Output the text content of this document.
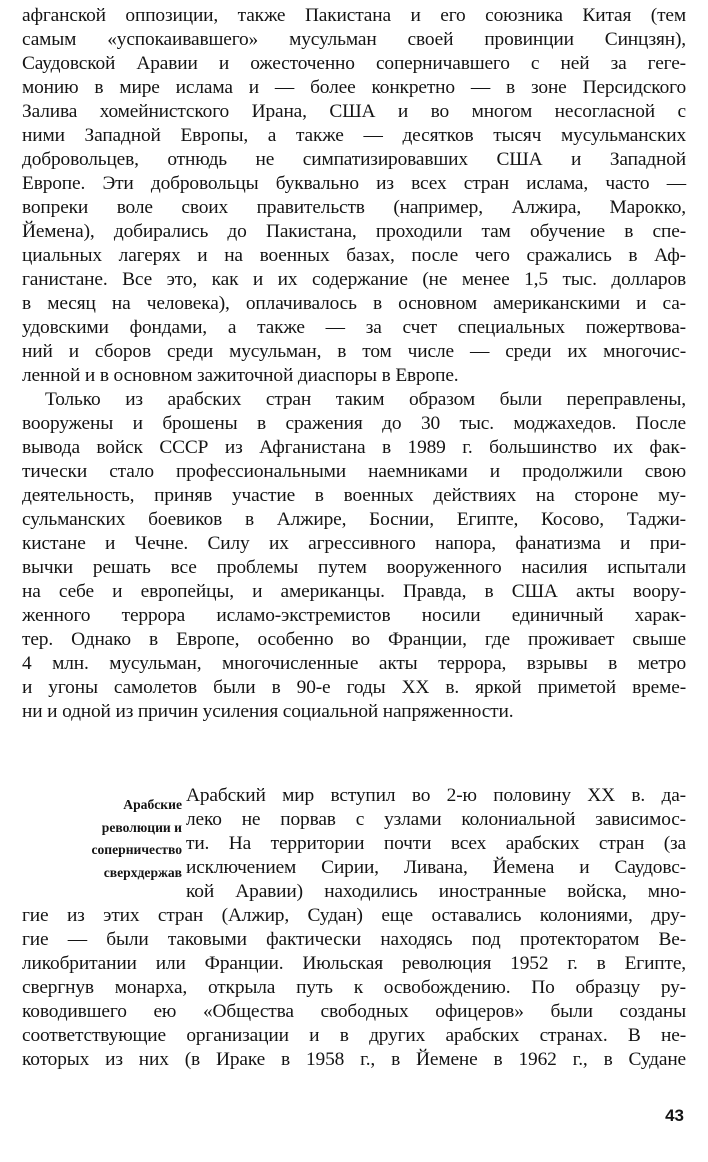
афганской оппозиции, также Пакистана и его союзника Китая (тем
самым «успокаивавшего» мусульман своей провинции Синцзян),
Саудовской Аравии и ожесточенно соперничавшего с ней за геге-
монию в мире ислама и — более конкретно — в зоне Персидского
Залива хомейнистского Ирана, США и во многом несогласной с
ними Западной Европы, а также — десятков тысяч мусульманских
добровольцев, отнюдь не симпатизировавших США и Западной
Европе. Эти добровольцы буквально из всех стран ислама, часто —
вопреки воле своих правительств (например, Алжира, Марокко,
Йемена), добирались до Пакистана, проходили там обучение в спе-
циальных лагерях и на военных базах, после чего сражались в Аф-
ганистане. Все это, как и их содержание (не менее 1,5 тыс. долларов
в месяц на человека), оплачивалось в основном американскими и са-
удовскими фондами, а также — за счет специальных пожертвова-
ний и сборов среди мусульман, в том числе — среди их многочис-
ленной и в основном зажиточной диаспоры в Европе.
Только из арабских стран таким образом были переправлены,
вооружены и брошены в сражения до 30 тыс. моджахедов. После
вывода войск СССР из Афганистана в 1989 г. большинство их фак-
тически стало профессиональными наемниками и продолжили свою
деятельность, приняв участие в военных действиях на стороне му-
сульманских боевиков в Алжире, Боснии, Египте, Косово, Таджи-
кистане и Чечне. Силу их агрессивного напора, фанатизма и при-
вычки решать все проблемы путем вооруженного насилия испытали
на себе и европейцы, и американцы. Правда, в США акты воору-
женного террора исламо-экстремистов носили единичный харак-
тер. Однако в Европе, особенно во Франции, где проживает свыше
4 млн. мусульман, многочисленные акты террора, взрывы в метро
и угоны самолетов были в 90-е годы XX в. яркой приметой време-
ни и одной из причин усиления социальной напряженности.
Арабский мир вступил во 2-ю половину XX в. да-
леко не порвав с узлами колониальной зависимос-
ти. На территории почти всех арабских стран (за
исключением Сирии, Ливана, Йемена и Саудовс-
кой Аравии) находились иностранные войска, мно-
гие из этих стран (Алжир, Судан) еще оставались колониями, дру-
гие — были таковыми фактически находясь под протекторатом Ве-
ликобритании или Франции. Июльская революция 1952 г. в Египте,
свергнув монарха, открыла путь к освобождению. По образцу ру-
ководившего ею «Общества свободных офицеров» были созданы
соответствующие организации и в других арабских странах. В не-
которых из них (в Ираке в 1958 г., в Йемене в 1962 г., в Судане
Арабские
революции и
соперничество
сверхдержав
43
